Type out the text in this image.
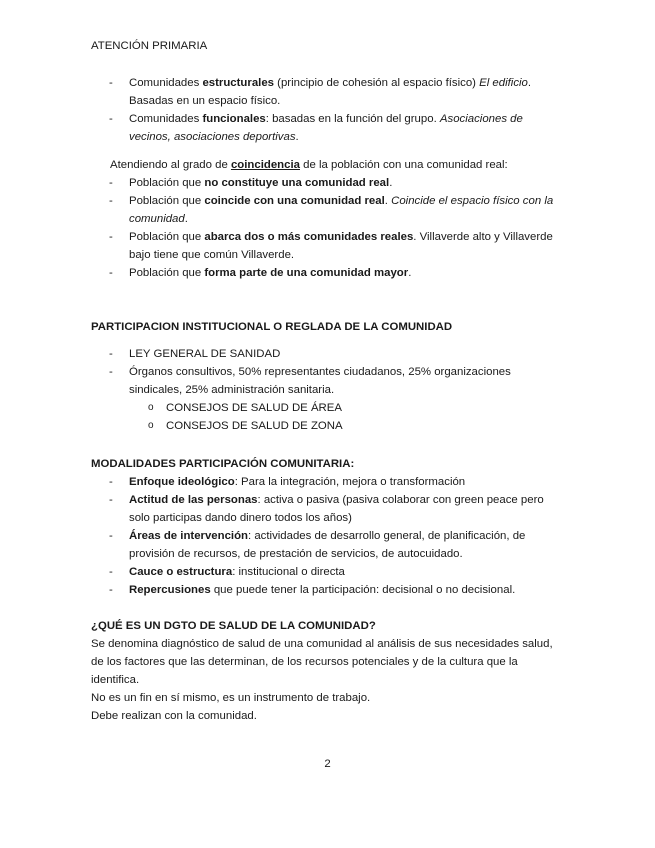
ATENCIÓN PRIMARIA
- Comunidades estructurales (principio de cohesión al espacio físico) El edificio. Basadas en un espacio físico.
- Comunidades funcionales: basadas en la función del grupo. Asociaciones de vecinos, asociaciones deportivas.
Atendiendo al grado de coincidencia de la población con una comunidad real:
- Población que no constituye una comunidad real.
- Población que coincide con una comunidad real. Coincide el espacio físico con la comunidad.
- Población que abarca dos o más comunidades reales. Villaverde alto y Villaverde bajo tiene que común Villaverde.
- Población que forma parte de una comunidad mayor.
PARTICIPACION INSTITUCIONAL O REGLADA DE LA COMUNIDAD
- LEY GENERAL DE SANIDAD
- Órganos consultivos, 50% representantes ciudadanos, 25% organizaciones sindicales, 25% administración sanitaria.
o CONSEJOS DE SALUD DE ÁREA
o CONSEJOS DE SALUD DE ZONA
MODALIDADES PARTICIPACIÓN COMUNITARIA:
- Enfoque ideológico: Para la integración, mejora o transformación
- Actitud de las personas: activa o pasiva (pasiva colaborar con green peace pero solo participas dando dinero todos los años)
- Áreas de intervención: actividades de desarrollo general, de planificación, de provisión de recursos, de prestación de servicios, de autocuidado.
- Cauce o estructura: institucional o directa
- Repercusiones que puede tener la participación: decisional o no decisional.
¿QUÉ ES UN DGTO DE SALUD DE LA COMUNIDAD?
Se denomina diagnóstico de salud de una comunidad al análisis de sus necesidades salud, de los factores que las determinan, de los recursos potenciales y de la cultura que la identifica.
No es un fin en sí mismo, es un instrumento de trabajo.
Debe realizan con la comunidad.
2
